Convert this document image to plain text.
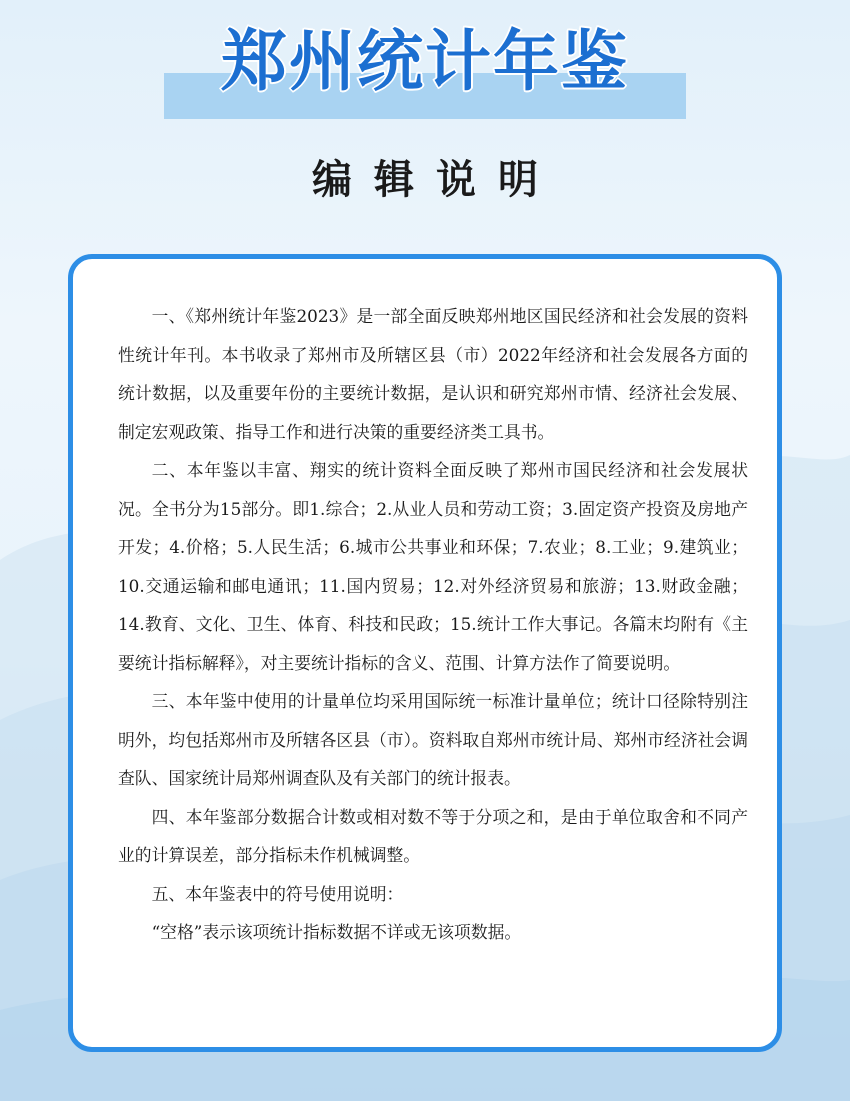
郑州统计年鉴
编辑说明

一、《郑州统计年鉴2023》是一部全面反映郑州地区国民经济和社会发展的资料性统计年刊。本书收录了郑州市及所辖区县（市）2022年经济和社会发展各方面的统计数据，以及重要年份的主要统计数据，是认识和研究郑州市情、经济社会发展、制定宏观政策、指导工作和进行决策的重要经济类工具书。

二、本年鉴以丰富、翔实的统计资料全面反映了郑州市国民经济和社会发展状况。全书分为15部分。即1.综合；2.从业人员和劳动工资；3.固定资产投资及房地产开发；4.价格；5.人民生活；6.城市公共事业和环保；7.农业；8.工业；9.建筑业；10.交通运输和邮电通讯；11.国内贸易；12.对外经济贸易和旅游；13.财政金融；14.教育、文化、卫生、体育、科技和民政；15.统计工作大事记。各篇末均附有《主要统计指标解释》，对主要统计指标的含义、范围、计算方法作了简要说明。

三、本年鉴中使用的计量单位均采用国际统一标准计量单位；统计口径除特别注明外，均包括郑州市及所辖各区县（市）。资料取自郑州市统计局、郑州市经济社会调查队、国家统计局郑州调查队及有关部门的统计报表。

四、本年鉴部分数据合计数或相对数不等于分项之和，是由于单位取舍和不同产业的计算误差，部分指标未作机械调整。

五、本年鉴表中的符号使用说明：

“空格”表示该项统计指标数据不详或无该项数据。
